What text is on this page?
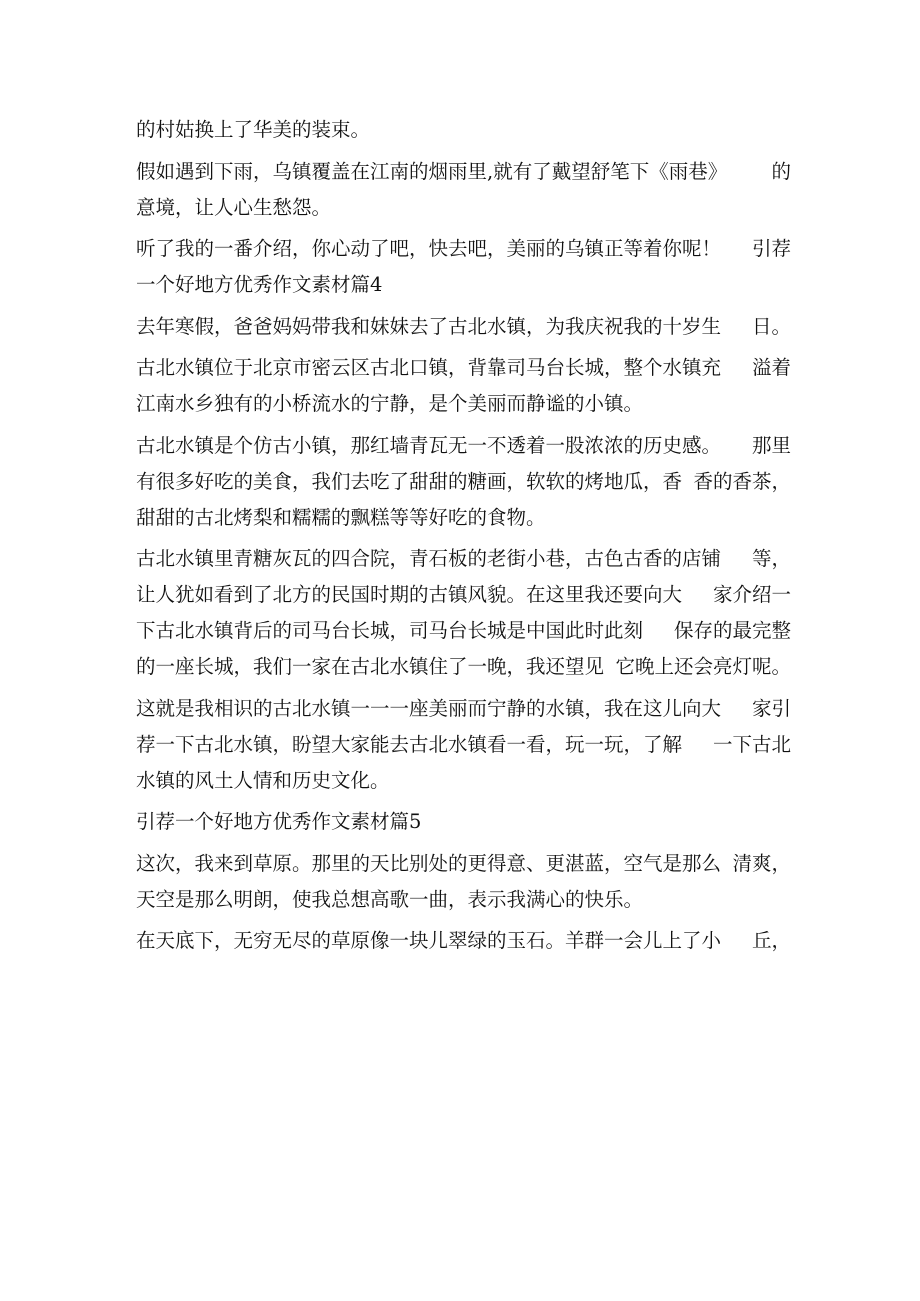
的村姑换上了华美的装束。
假如遇到下雨，乌镇覆盖在江南的烟雨里,就有了戴望舒笔下《雨巷》 的
意境，让人心生愁怨。
听了我的一番介绍，你心动了吧，快去吧，美丽的乌镇正等着你呢！ 引荐
一个好地方优秀作文素材篇4
去年寒假，爸爸妈妈带我和妹妹去了古北水镇，为我庆祝我的十岁生 日。
古北水镇位于北京市密云区古北口镇，背靠司马台长城，整个水镇充 溢着
江南水乡独有的小桥流水的宁静，是个美丽而静谧的小镇。
古北水镇是个仿古小镇，那红墙青瓦无一不透着一股浓浓的历史感。 那里
有很多好吃的美食，我们去吃了甜甜的糖画，软软的烤地瓜，香 香的香茶，
甜甜的古北烤梨和糯糯的飘糕等等好吃的食物。
古北水镇里青糖灰瓦的四合院，青石板的老街小巷，古色古香的店铺 等，
让人犹如看到了北方的民国时期的古镇风貌。在这里我还要向大 家介绍一
下古北水镇背后的司马台长城，司马台长城是中国此时此刻 保存的最完整
的一座长城，我们一家在古北水镇住了一晚，我还望见 它晚上还会亮灯呢。
这就是我相识的古北水镇一一一座美丽而宁静的水镇，我在这儿向大 家引
荐一下古北水镇，盼望大家能去古北水镇看一看，玩一玩，了解 一下古北
水镇的风土人情和历史文化。
引荐一个好地方优秀作文素材篇5
这次，我来到草原。那里的天比别处的更得意、更湛蓝，空气是那么 清爽，
天空是那么明朗，使我总想高歌一曲，表示我满心的快乐。
在天底下，无穷无尽的草原像一块儿翠绿的玉石。羊群一会儿上了小 丘，
